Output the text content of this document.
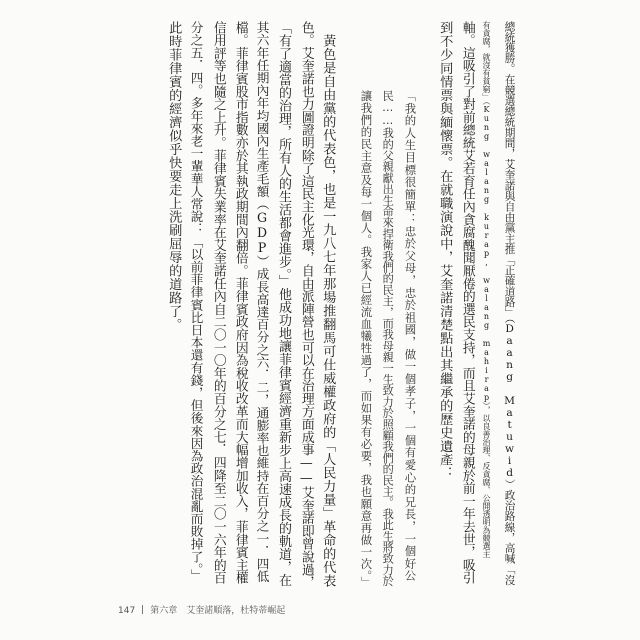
總統獲勝。在競選總統期間，艾奎諾與自由黨主推「正確道路」（Daang Matuwid）政治路線，高喊「沒
有貪腐，就沒有貧窮」（Kung walang kurap, walang mahirap），以良善治理、反貪腐、公開透明為競選主
軸。這吸引了對前總統艾若育任內貪腐醜聞厭倦的選民支持，而且艾奎諾的母親於前一年去世，吸引
到不少同情票與緬懷票。在就職演說中，艾奎諾清楚點出其繼承的歷史遺產：
「我的人生目標很簡單：忠於父母，忠於祖國，做一個孝子，一個有愛心的兄長，一個好公
民……我的父親獻出生命來捍衛我們的民主，而我母親一生致力於照顧我們的民主。我此生將致力於
讓我們的民主意及每一個人。我家人已經流血犧牲過了，而如果有必要，我也願意再做一次。」
黃色是自由黨的代表色，也是一九八七年那場推翻馬可仕威權政府的「人民力量」革命的代表
色。艾奎諾也力圖證明除了這民主化光環，自由派陣營也可以在治理方面成事——艾奎諾即曾說過，
「有了適當的治理，所有人的生活都會進步。」他成功地讓菲律賓經濟重新步上高速成長的軌道，在
其六年任期內年均國內生產毛額（GDP）成長高達百分之六．二，通膨率也維持在百分之一．四低
檔。菲律賓股市指數亦於其執政期間內翻倍。菲律賓政府因為稅收改革而大幅增加收入，菲律賓主權
信用評等也隨之上升。菲律賓失業率在艾奎諾任內自二〇一〇年的百分之七．四降至二〇一六年的百
分之五．四。多年來老一輩華人常說：「以前菲律賓比日本還有錢，但後來因為政治混亂而敗掉了。」
此時菲律賓的經濟似乎快要走上洗刷屈辱的道路了。
147 第六章　艾奎諾順落，杜特蒂崛起
